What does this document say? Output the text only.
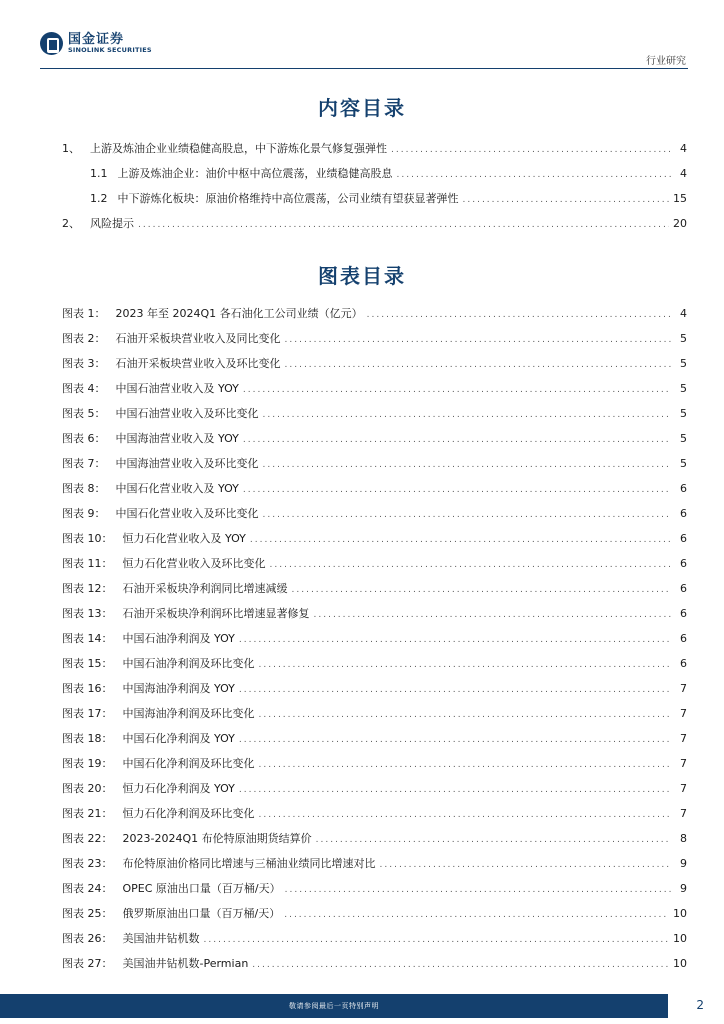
国金证券
SINOLINK SECURITIES
行业研究
内容目录
1、 上游及炼油企业业绩稳健高股息，中下游炼化景气修复强弹性 .....	4
1.1 上游及炼油企业：油价中枢中高位震荡，业绩稳健高股息 .....	4
1.2 中下游炼化板块：原油价格维持中高位震荡，公司业绩有望获显著弹性 .....	15
2、 风险提示 .....	20
图表目录
图表 1： 2023 年至 2024Q1 各石油化工公司业绩（亿元） .....	4
图表 2： 石油开采板块营业收入及同比变化 .....	5
图表 3： 石油开采板块营业收入及环比变化 .....	5
图表 4： 中国石油营业收入及 YOY .....	5
图表 5： 中国石油营业收入及环比变化 .....	5
图表 6： 中国海油营业收入及 YOY .....	5
图表 7： 中国海油营业收入及环比变化 .....	5
图表 8： 中国石化营业收入及 YOY .....	6
图表 9： 中国石化营业收入及环比变化 .....	6
图表 10： 恒力石化营业收入及 YOY .....	6
图表 11： 恒力石化营业收入及环比变化 .....	6
图表 12： 石油开采板块净利润同比增速减缓 .....	6
图表 13： 石油开采板块净利润环比增速显著修复 .....	6
图表 14： 中国石油净利润及 YOY .....	6
图表 15： 中国石油净利润及环比变化 .....	6
图表 16： 中国海油净利润及 YOY .....	7
图表 17： 中国海油净利润及环比变化 .....	7
图表 18： 中国石化净利润及 YOY .....	7
图表 19： 中国石化净利润及环比变化 .....	7
图表 20： 恒力石化净利润及 YOY .....	7
图表 21： 恒力石化净利润及环比变化 .....	7
图表 22： 2023-2024Q1 布伦特原油期货结算价 .....	8
图表 23： 布伦特原油价格同比增速与三桶油业绩同比增速对比 .....	9
图表 24： OPEC 原油出口量（百万桶/天） .....	9
图表 25： 俄罗斯原油出口量（百万桶/天） .....	10
图表 26： 美国油井钻机数 .....	10
图表 27： 美国油井钻机数-Permian .....	10
敬请参阅最后一页特别声明	2
